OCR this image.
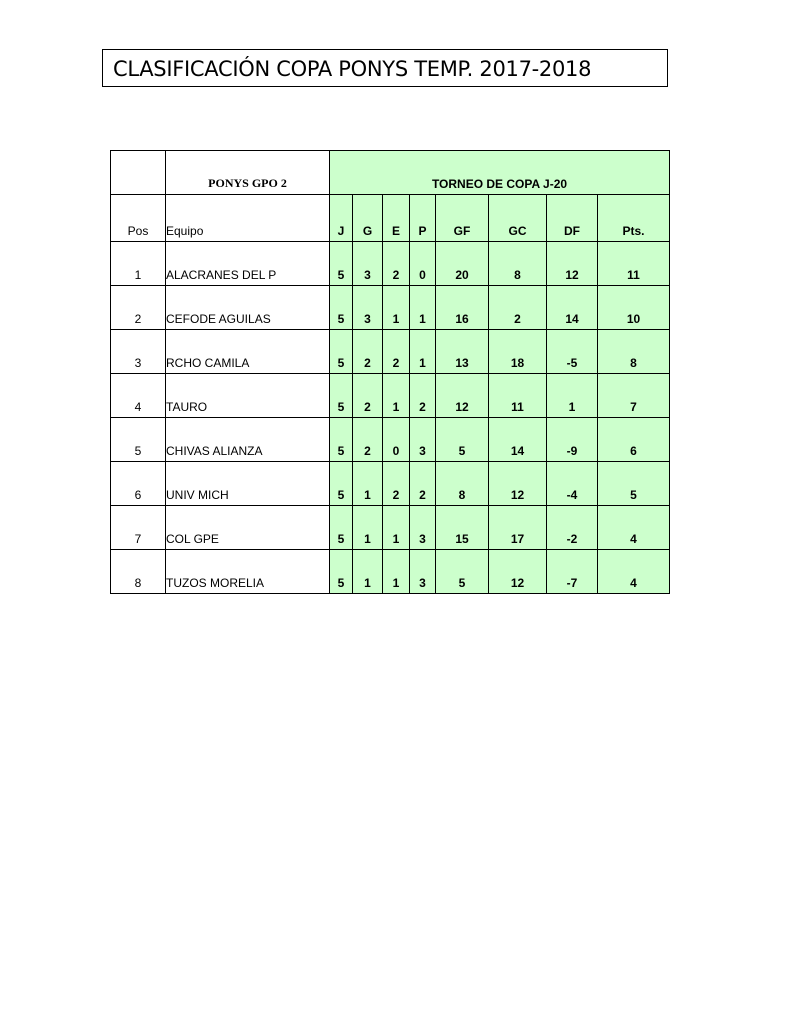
CLASIFICACIÓN COPA PONYS TEMP. 2017-2018
	PONYS GPO 2	TORNEO DE COPA J-20							
Pos	Equipo	J	G	E	P	GF	GC	DF	Pts.
1	ALACRANES DEL P	5	3	2	0	20	8	12	11
2	CEFODE AGUILAS	5	3	1	1	16	2	14	10
3	RCHO CAMILA	5	2	2	1	13	18	-5	8
4	TAURO	5	2	1	2	12	11	1	7
5	CHIVAS ALIANZA	5	2	0	3	5	14	-9	6
6	UNIV MICH	5	1	2	2	8	12	-4	5
7	COL GPE	5	1	1	3	15	17	-2	4
8	TUZOS MORELIA	5	1	1	3	5	12	-7	4
